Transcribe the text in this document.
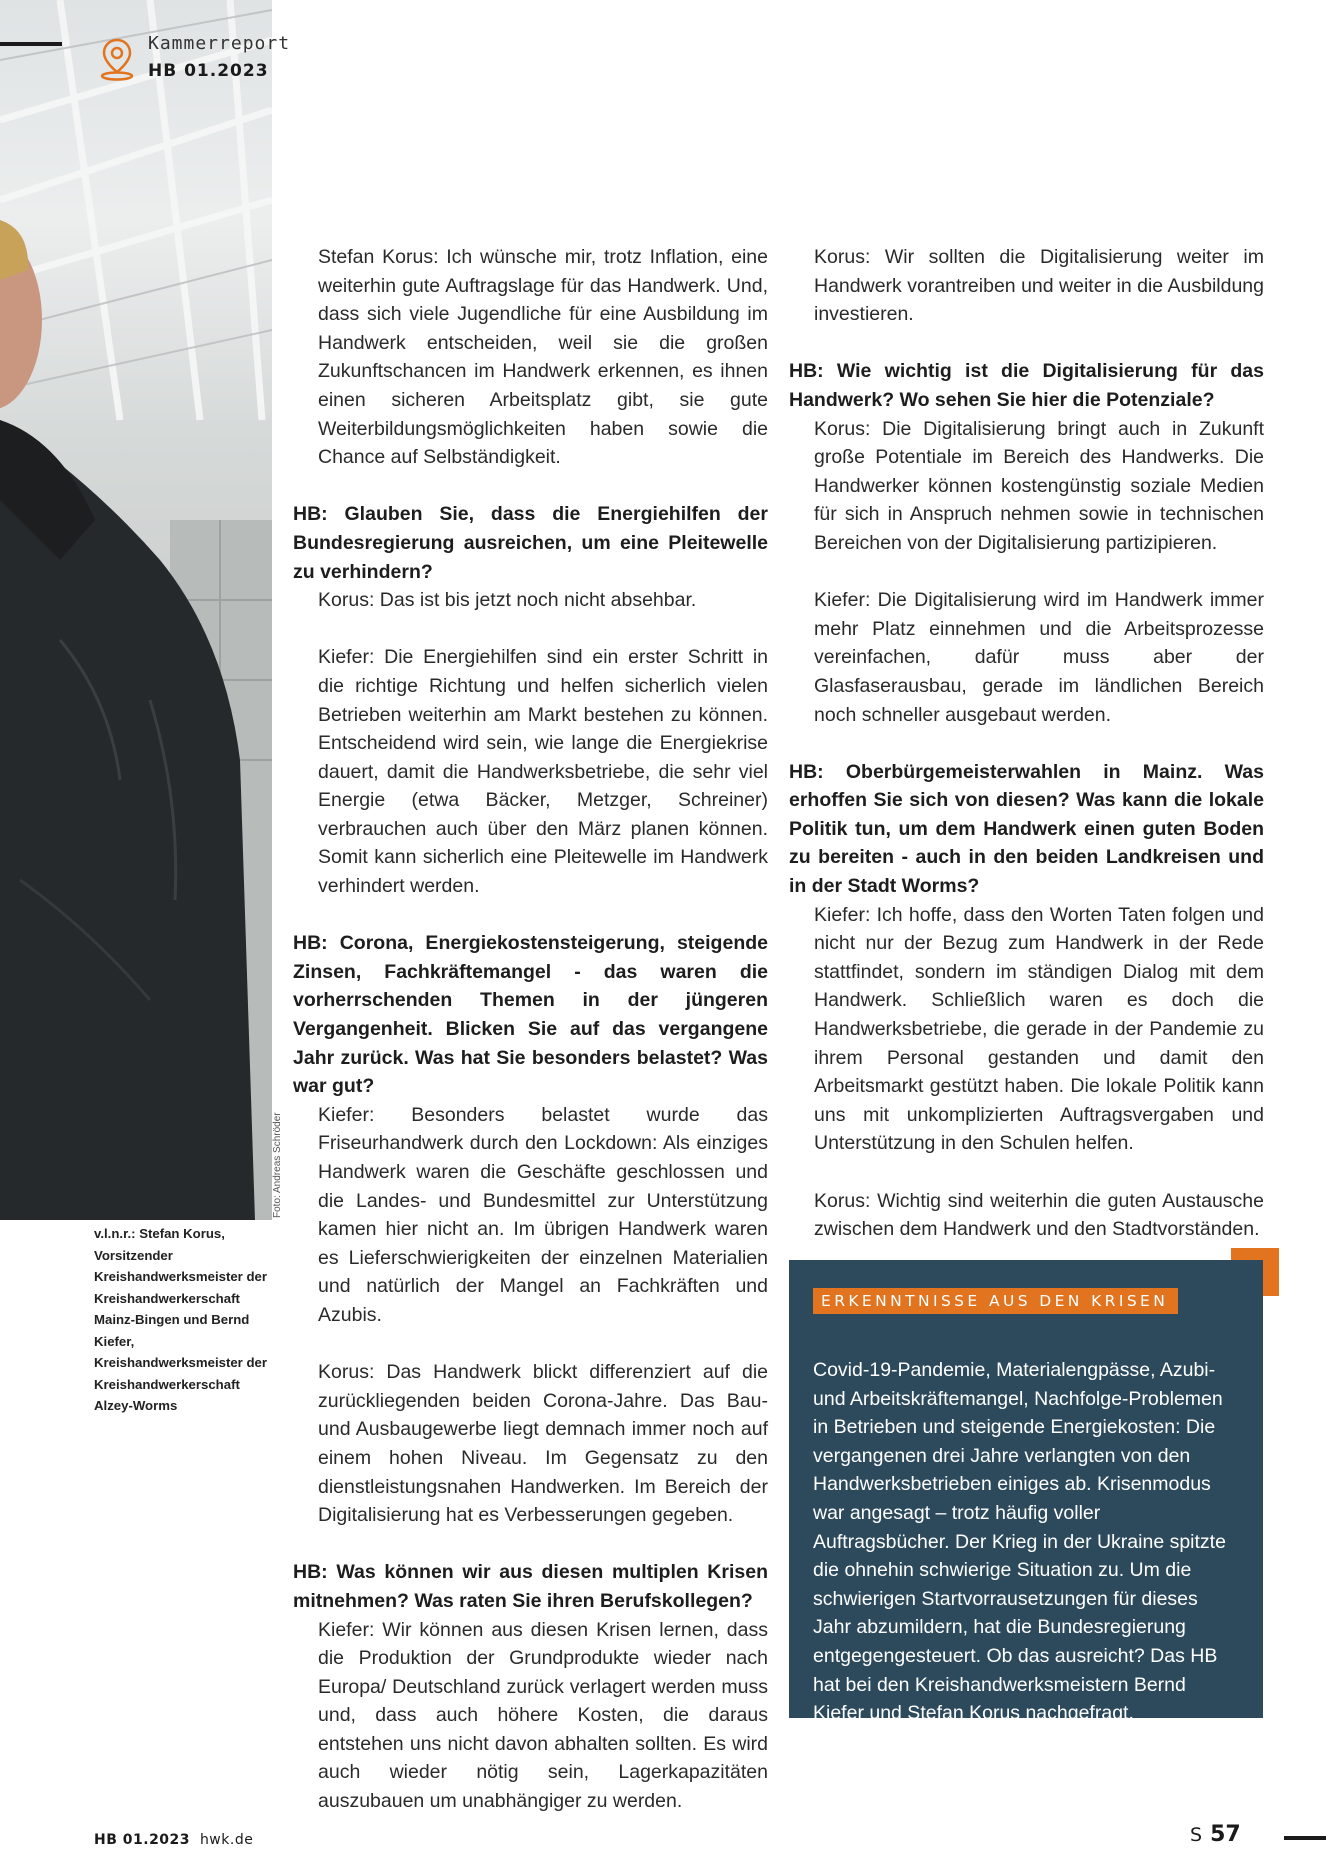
Kammerreport
HB 01.2023
Foto: Andreas Schröder
v.l.n.r.: Stefan Korus, Vorsitzender Kreishandwerksmeister der Kreishandwerkerschaft Mainz-Bingen und Bernd Kiefer, Kreishandwerksmeister der Kreishandwerkerschaft Alzey-Worms

Stefan Korus: Ich wünsche mir, trotz Inflation, eine weiterhin gute Auftragslage für das Handwerk. Und, dass sich viele Jugendliche für eine Ausbildung im Handwerk entscheiden, weil sie die großen Zukunftschancen im Handwerk erkennen, es ihnen einen sicheren Arbeitsplatz gibt, sie gute Weiterbildungsmöglichkeiten haben sowie die Chance auf Selbständigkeit.

HB: Glauben Sie, dass die Energiehilfen der Bundesregierung ausreichen, um eine Pleitewelle zu verhindern?

Korus: Das ist bis jetzt noch nicht absehbar.

Kiefer: Die Energiehilfen sind ein erster Schritt in die richtige Richtung und helfen sicherlich vielen Betrieben weiterhin am Markt bestehen zu können. Entscheidend wird sein, wie lange die Energiekrise dauert, damit die Handwerksbetriebe, die sehr viel Energie (etwa Bäcker, Metzger, Schreiner) verbrauchen auch über den März planen können. Somit kann sicherlich eine Pleitewelle im Handwerk verhindert werden.

HB: Corona, Energiekostensteigerung, steigende Zinsen, Fachkräftemangel - das waren die vorherrschenden Themen in der jüngeren Vergangenheit. Blicken Sie auf das vergangene Jahr zurück. Was hat Sie besonders belastet? Was war gut?

Kiefer: Besonders belastet wurde das Friseurhandwerk durch den Lockdown: Als einziges Handwerk waren die Geschäfte geschlossen und die Landes- und Bundesmittel zur Unterstützung kamen hier nicht an. Im übrigen Handwerk waren es Lieferschwierigkeiten der einzelnen Materialien und natürlich der Mangel an Fachkräften und Azubis.

Korus: Das Handwerk blickt differenziert auf die zurückliegenden beiden Corona-Jahre. Das Bau- und Ausbaugewerbe liegt demnach immer noch auf einem hohen Niveau. Im Gegensatz zu den dienstleistungsnahen Handwerken. Im Bereich der Digitalisierung hat es Verbesserungen gegeben.

HB: Was können wir aus diesen multiplen Krisen mitnehmen? Was raten Sie ihren Berufskollegen?

Kiefer: Wir können aus diesen Krisen lernen, dass die Produktion der Grundprodukte wieder nach Europa/ Deutschland zurück verlagert werden muss und, dass auch höhere Kosten, die daraus entstehen uns nicht davon abhalten sollten. Es wird auch wieder nötig sein, Lagerkapazitäten auszubauen um unabhängiger zu werden.

Korus: Wir sollten die Digitalisierung weiter im Handwerk vorantreiben und weiter in die Ausbildung investieren.

HB: Wie wichtig ist die Digitalisierung für das Handwerk? Wo sehen Sie hier die Potenziale?

Korus: Die Digitalisierung bringt auch in Zukunft große Potentiale im Bereich des Handwerks. Die Handwerker können kostengünstig soziale Medien für sich in Anspruch nehmen sowie in technischen Bereichen von der Digitalisierung partizipieren.

Kiefer: Die Digitalisierung wird im Handwerk immer mehr Platz einnehmen und die Arbeitsprozesse vereinfachen, dafür muss aber der Glasfaserausbau, gerade im ländlichen Bereich noch schneller ausgebaut werden.

HB: Oberbürgemeisterwahlen in Mainz. Was erhoffen Sie sich von diesen? Was kann die lokale Politik tun, um dem Handwerk einen guten Boden zu bereiten - auch in den beiden Landkreisen und in der Stadt Worms?

Kiefer: Ich hoffe, dass den Worten Taten folgen und nicht nur der Bezug zum Handwerk in der Rede stattfindet, sondern im ständigen Dialog mit dem Handwerk. Schließlich waren es doch die Handwerksbetriebe, die gerade in der Pandemie zu ihrem Personal gestanden und damit den Arbeitsmarkt gestützt haben. Die lokale Politik kann uns mit unkomplizierten Auftragsvergaben und Unterstützung in den Schulen helfen.

Korus: Wichtig sind weiterhin die guten Austausche zwischen dem Handwerk und den Stadtvorständen.

ERKENNTNISSE AUS DEN KRISEN
Covid-19-Pandemie, Materialengpässe, Azubi- und Arbeitskräftemangel, Nachfolge-Problemen in Betrieben und steigende Energiekosten: Die vergangenen drei Jahre verlangten von den Handwerksbetrieben einiges ab. Krisenmodus war angesagt – trotz häufig voller Auftragsbücher. Der Krieg in der Ukraine spitzte die ohnehin schwierige Situation zu. Um die schwierigen Startvorrausetzungen für dieses Jahr abzumildern, hat die Bundesregierung entgegengesteuert. Ob das ausreicht? Das HB hat bei den Kreishandwerksmeistern Bernd Kiefer und Stefan Korus nachgefragt.
HB 01.2023 hwk.de	S 57
